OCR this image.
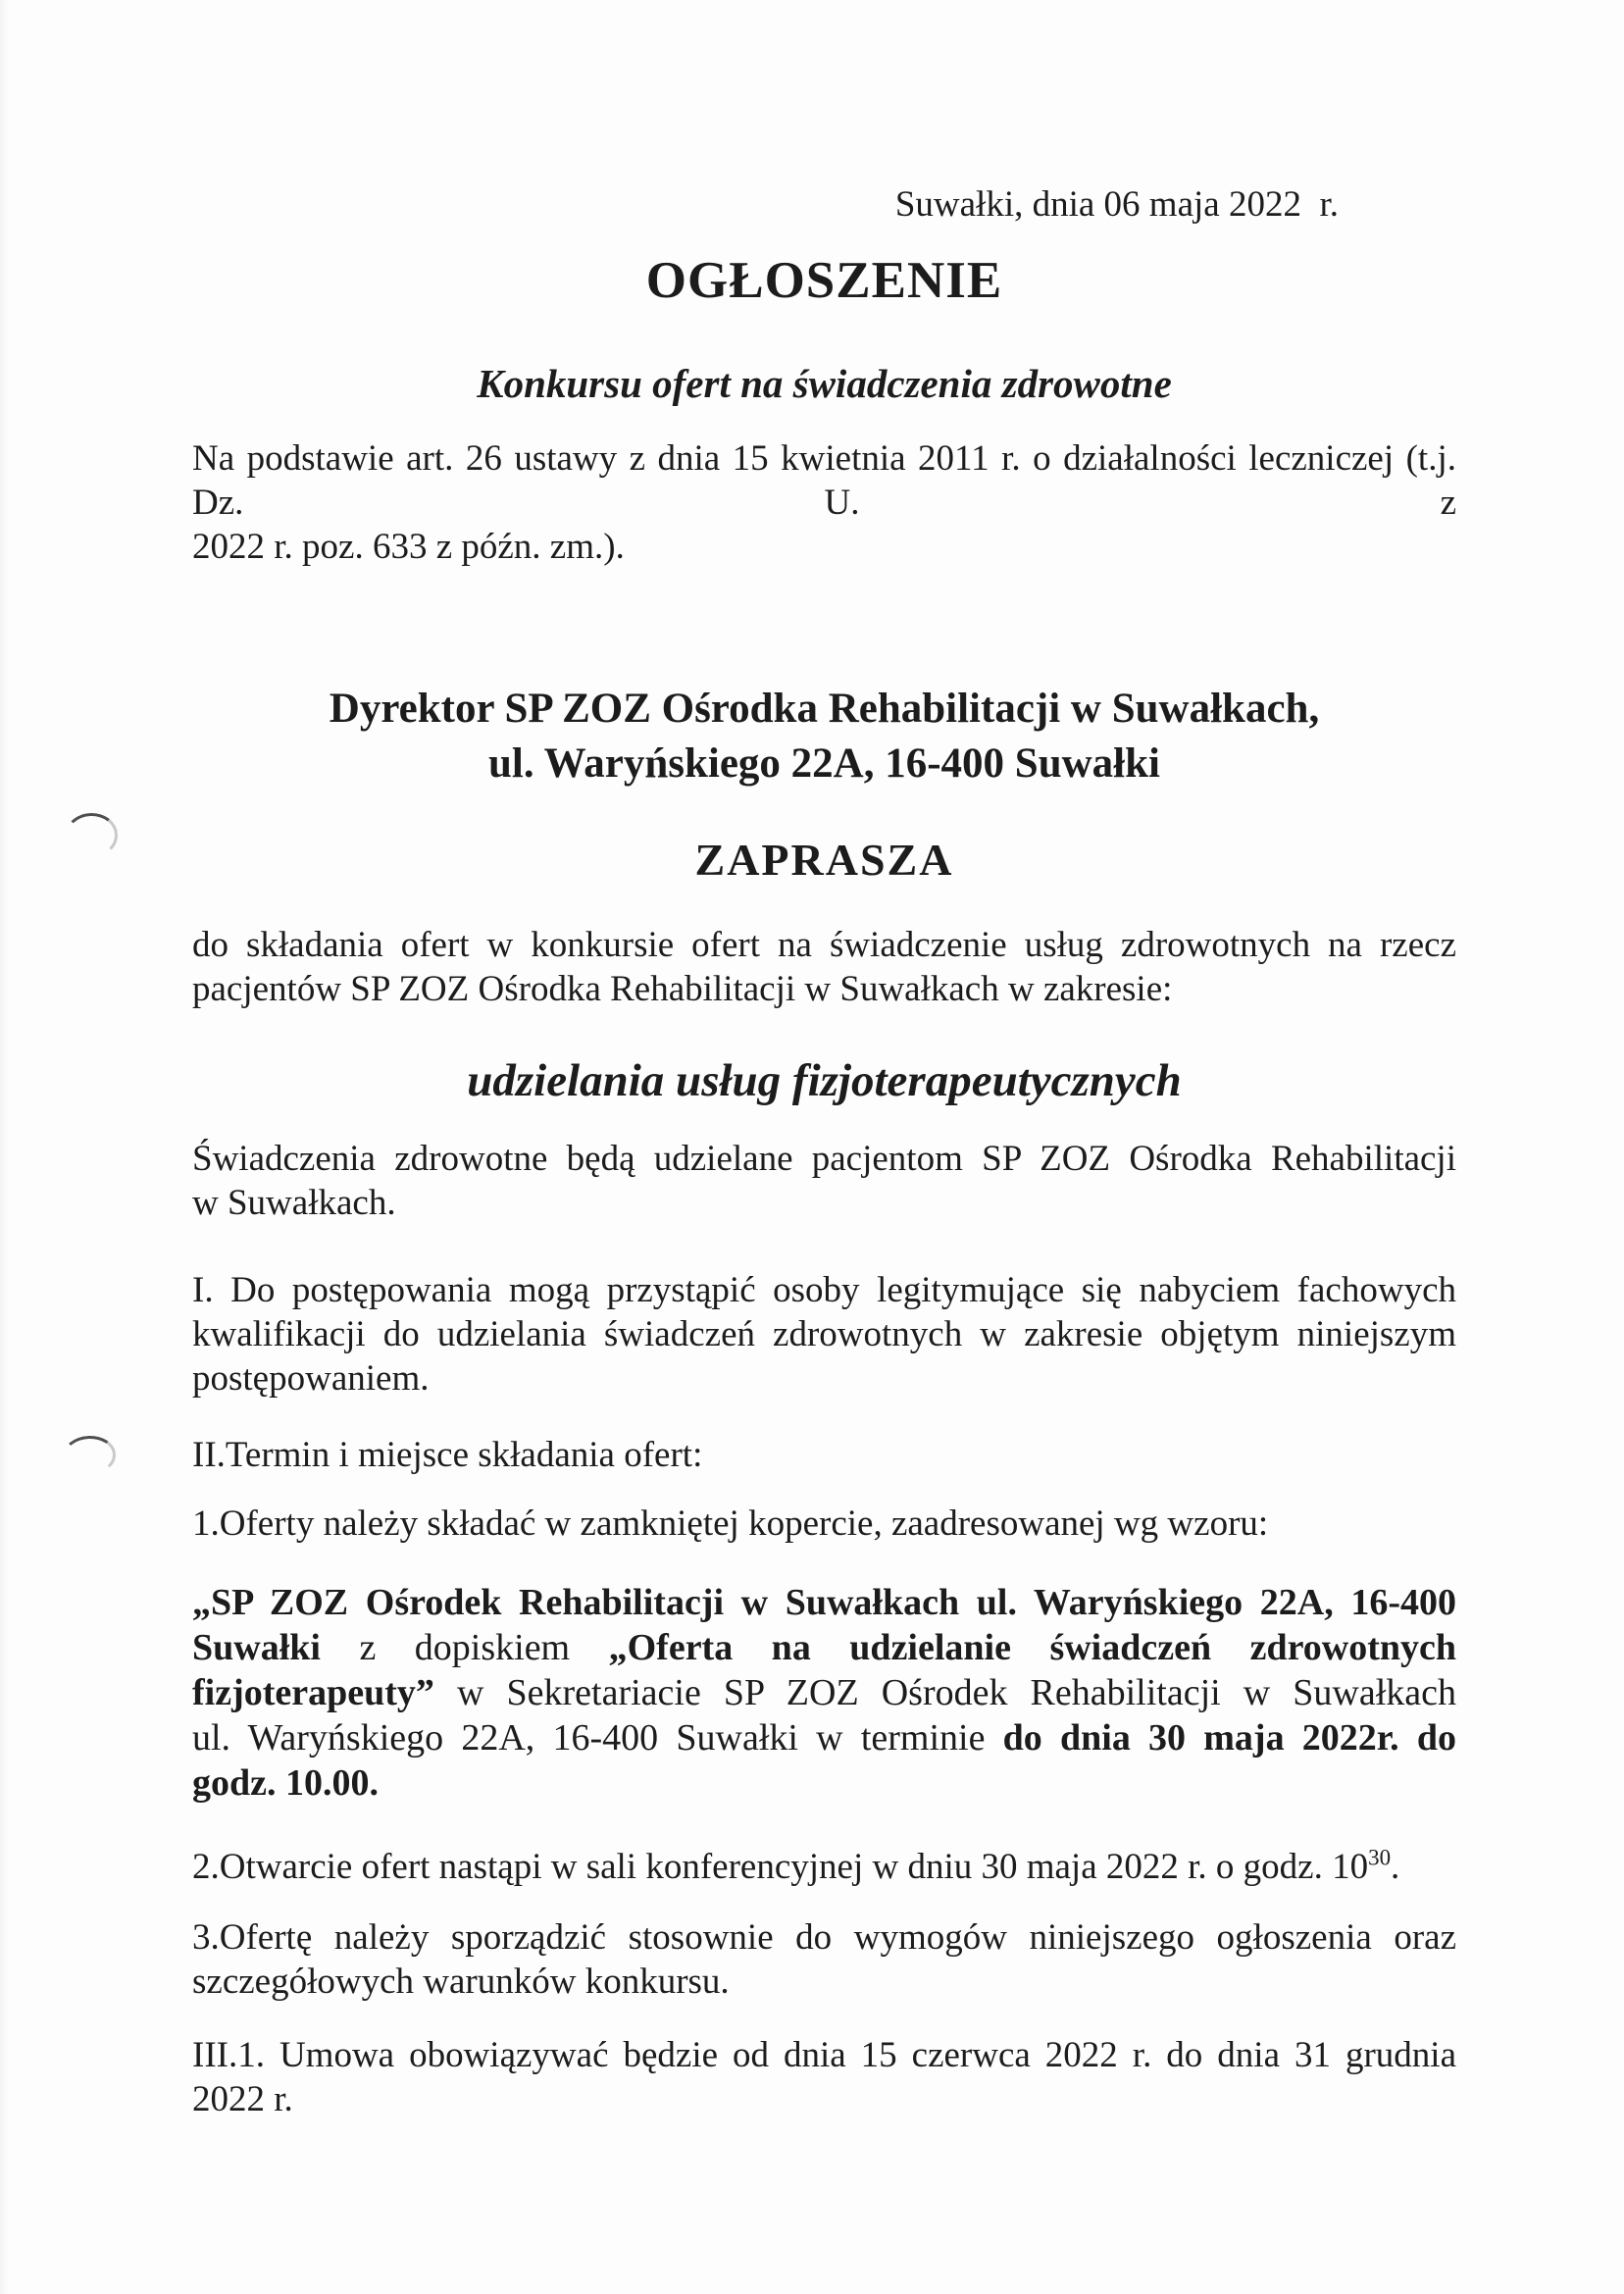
Suwałki, dnia 06 maja 2022  r.
OGŁOSZENIE
Konkursu ofert na świadczenia zdrowotne
Na podstawie art. 26 ustawy z dnia 15 kwietnia 2011 r. o działalności leczniczej (t.j. Dz. U. z
2022 r. poz. 633 z późn. zm.).
Dyrektor SP ZOZ Ośrodka Rehabilitacji w Suwałkach,
ul. Waryńskiego 22A, 16-400 Suwałki
ZAPRASZA
do składania ofert w konkursie ofert na świadczenie usług zdrowotnych na rzecz
pacjentów SP ZOZ Ośrodka Rehabilitacji w Suwałkach w zakresie:
udzielania usług fizjoterapeutycznych
Świadczenia zdrowotne będą udzielane pacjentom SP ZOZ Ośrodka Rehabilitacji
w Suwałkach.
I. Do postępowania mogą przystąpić osoby legitymujące się nabyciem fachowych
kwalifikacji do udzielania świadczeń zdrowotnych w zakresie objętym niniejszym
postępowaniem.
II.Termin i miejsce składania ofert:
1.Oferty należy składać w zamkniętej kopercie, zaadresowanej wg wzoru:
„SP ZOZ Ośrodek Rehabilitacji w Suwałkach ul. Waryńskiego 22A, 16-400
Suwałki z dopiskiem „Oferta na udzielanie świadczeń zdrowotnych
fizjoterapeuty” w Sekretariacie SP ZOZ Ośrodek Rehabilitacji w Suwałkach
ul. Waryńskiego 22A, 16-400 Suwałki w terminie do dnia 30 maja 2022r. do
godz. 10.00.
2.Otwarcie ofert nastąpi w sali konferencyjnej w dniu 30 maja 2022 r. o godz. $10^{30}$.
3.Ofertę należy sporządzić stosownie do wymogów niniejszego ogłoszenia oraz
szczegółowych warunków konkursu.
III.1. Umowa obowiązywać będzie od dnia 15 czerwca 2022 r. do dnia 31 grudnia
2022 r.
